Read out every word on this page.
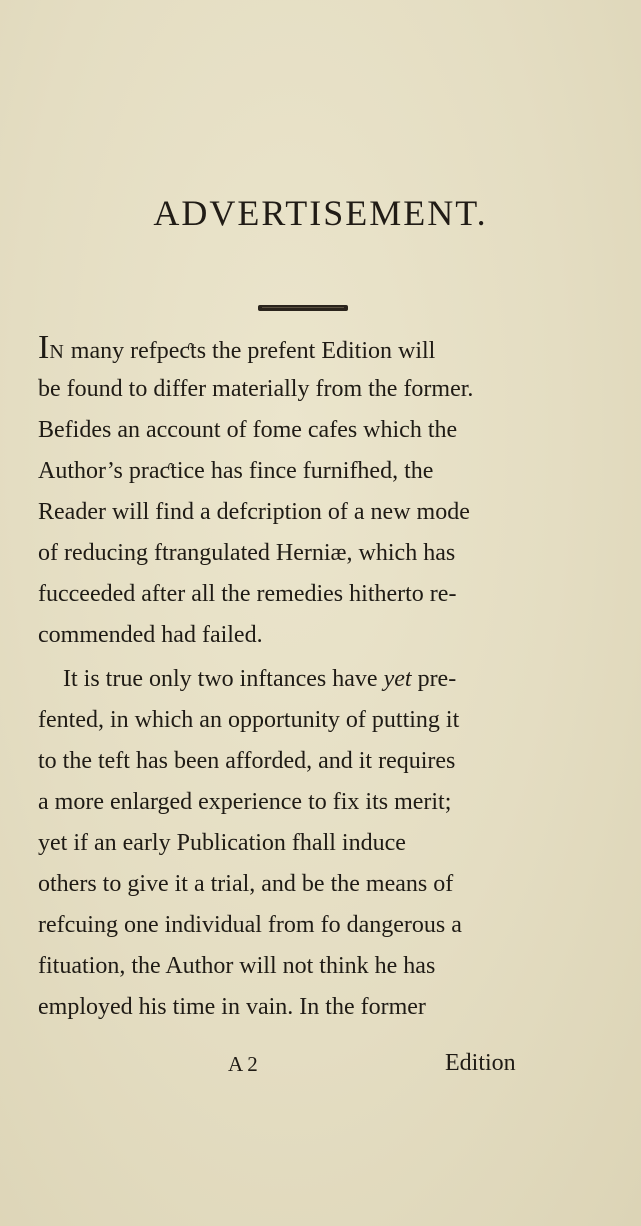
ADVERTISEMENT.
IN many refpeƈts the prefent Edition will
be found to differ materially from the former.
Befides an account of fome cafes which the
Author’s praƈtice has fince furnifhed, the
Reader will find a defcription of a new mode
of reducing ftrangulated Herniæ, which has
fucceeded after all the remedies hitherto re-
commended had failed.
It is true only two inftances have yet pre-
fented, in which an opportunity of putting it
to the teft has been afforded, and it requires
a more enlarged experience to fix its merit;
yet if an early Publication fhall induce
others to give it a trial, and be the means of
refcuing one individual from fo dangerous a
fituation, the Author will not think he has
employed his time in vain. In the former
A 2	Edition
